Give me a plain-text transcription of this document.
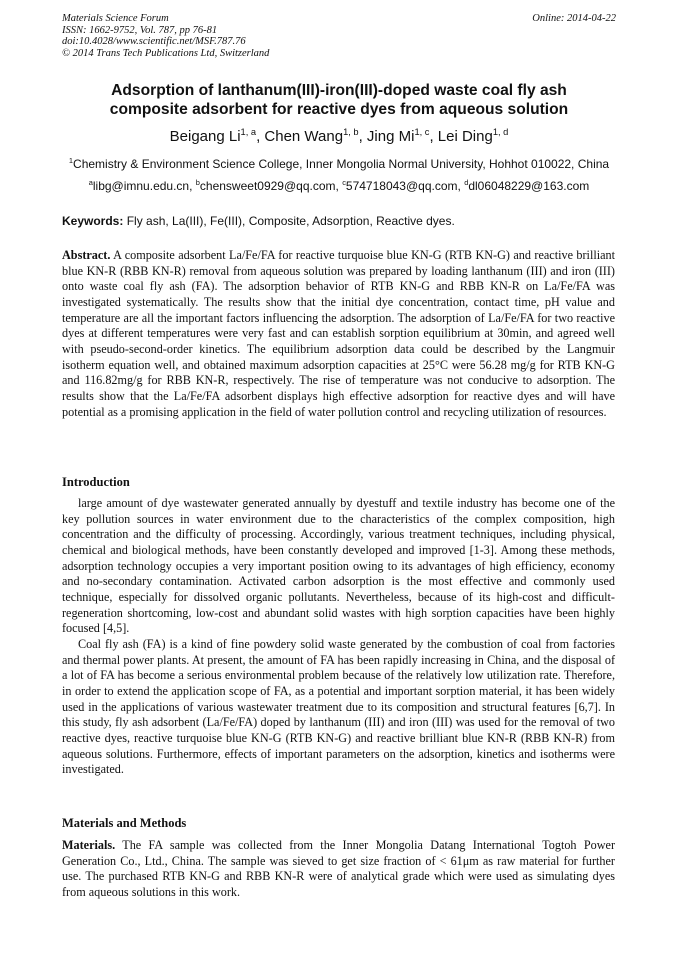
Materials Science Forum
ISSN: 1662-9752, Vol. 787, pp 76-81
doi:10.4028/www.scientific.net/MSF.787.76
© 2014 Trans Tech Publications Ltd, Switzerland
Online: 2014-04-22
Adsorption of lanthanum(III)-iron(III)-doped waste coal fly ash
composite adsorbent for reactive dyes from aqueous solution
Beigang Li$^{1, a}$, Chen Wang$^{1, b}$, Jing Mi$^{1, c}$, Lei Ding$^{1, d}$
$^1$Chemistry & Environment Science College, Inner Mongolia Normal University, Hohhot 010022, China
$^a$libg@imnu.edu.cn, $^b$chensweet0929@qq.com, $^c$574718043@qq.com, $^d$dl06048229@163.com
Keywords: Fly ash, La(III), Fe(III), Composite, Adsorption, Reactive dyes.
Abstract. A composite adsorbent La/Fe/FA for reactive turquoise blue KN-G (RTB KN-G) and reactive brilliant blue KN-R (RBB KN-R) removal from aqueous solution was prepared by loading lanthanum (III) and iron (III) onto waste coal fly ash (FA). The adsorption behavior of RTB KN-G and RBB KN-R on La/Fe/FA was investigated systematically. The results show that the initial dye concentration, contact time, pH value and temperature are all the important factors influencing the adsorption. The adsorption of La/Fe/FA for two reactive dyes at different temperatures were very fast and can establish sorption equilibrium at 30min, and agreed well with pseudo-second-order kinetics. The equilibrium adsorption data could be described by the Langmuir isotherm equation well, and obtained maximum adsorption capacities at 25°C were 56.28 mg/g for RTB KN-G and 116.82mg/g for RBB KN-R, respectively. The rise of temperature was not conducive to adsorption. The results show that the La/Fe/FA adsorbent displays high effective adsorption for reactive dyes and will have potential as a promising application in the field of water pollution control and recycling utilization of resources.
Introduction

large amount of dye wastewater generated annually by dyestuff and textile industry has become one of the key pollution sources in water environment due to the characteristics of the complex composition, high concentration and the difficulty of processing. Accordingly, various treatment techniques, including physical, chemical and biological methods, have been constantly developed and improved [1-3]. Among these methods, adsorption technology occupies a very important position owing to its advantages of high efficiency, economy and no-secondary contamination. Activated carbon adsorption is the most effective and commonly used technique, especially for dissolved organic pollutants. Nevertheless, because of its high-cost and difficult-regeneration shortcoming, low-cost and abundant solid wastes with high sorption capacities have been highly focused [4,5].

Coal fly ash (FA) is a kind of fine powdery solid waste generated by the combustion of coal from factories and thermal power plants. At present, the amount of FA has been rapidly increasing in China, and the disposal of a lot of FA has become a serious environmental problem because of the relatively low utilization rate. Therefore, in order to extend the application scope of FA, as a potential and important sorption material, it has been widely used in the applications of various wastewater treatment due to its composition and structural features [6,7]. In this study, fly ash adsorbent (La/Fe/FA) doped by lanthanum (III) and iron (III) was used for the removal of two reactive dyes, reactive turquoise blue KN-G (RTB KN-G) and reactive brilliant blue KN-R (RBB KN-R) from aqueous solutions. Furthermore, effects of important parameters on the adsorption, kinetics and isotherms were investigated.

Materials and Methods
Materials. The FA sample was collected from the Inner Mongolia Datang International Togtoh Power Generation Co., Ltd., China. The sample was sieved to get size fraction of < 61μm as raw material for further use. The purchased RTB KN-G and RBB KN-R were of analytical grade which were used as simulating dyes from aqueous solutions in this work.
